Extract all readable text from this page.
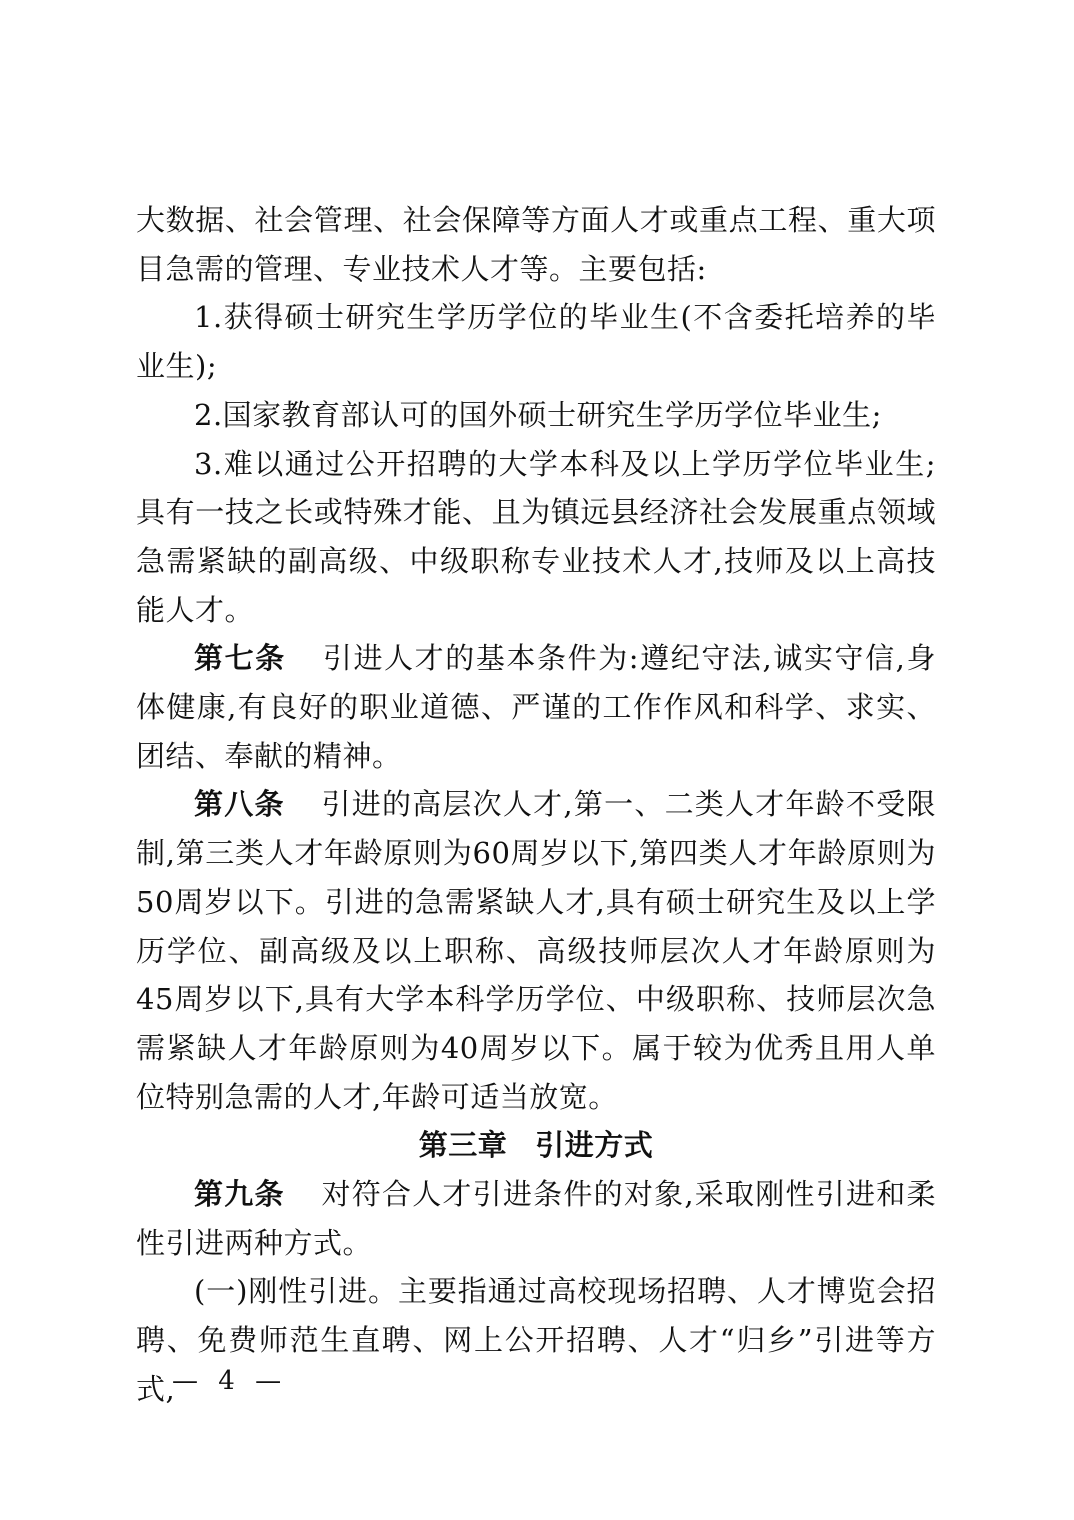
大数据、社会管理、社会保障等方面人才或重点工程、重大项目急需的管理、专业技术人才等。主要包括:

1.获得硕士研究生学历学位的毕业生(不含委托培养的毕业生);

2.国家教育部认可的国外硕士研究生学历学位毕业生;

3.难以通过公开招聘的大学本科及以上学历学位毕业生;具有一技之长或特殊才能、且为镇远县经济社会发展重点领域急需紧缺的副高级、中级职称专业技术人才,技师及以上高技能人才。

第七条 引进人才的基本条件为:遵纪守法,诚实守信,身体健康,有良好的职业道德、严谨的工作作风和科学、求实、团结、奉献的精神。

第八条 引进的高层次人才,第一、二类人才年龄不受限制,第三类人才年龄原则为60周岁以下,第四类人才年龄原则为50周岁以下。引进的急需紧缺人才,具有硕士研究生及以上学历学位、副高级及以上职称、高级技师层次人才年龄原则为45周岁以下,具有大学本科学历学位、中级职称、技师层次急需紧缺人才年龄原则为40周岁以下。属于较为优秀且用人单位特别急需的人才,年龄可适当放宽。

第三章 引进方式

第九条 对符合人才引进条件的对象,采取刚性引进和柔性引进两种方式。

(一)刚性引进。主要指通过高校现场招聘、人才博览会招聘、免费师范生直聘、网上公开招聘、人才“归乡”引进等方式,

— 4 —
